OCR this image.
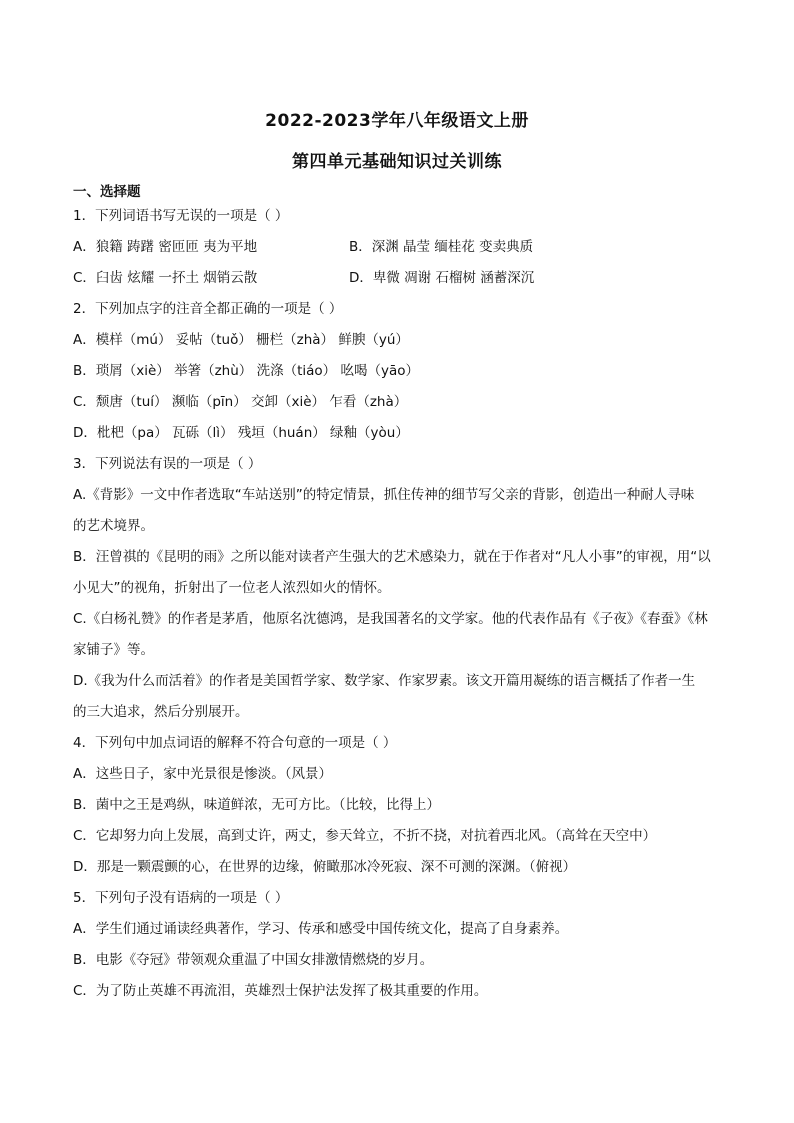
2022-2023学年八年级语文上册
第四单元基础知识过关训练
一、选择题
1．下列词语书写无误的一项是（ ）
A．狼籍 踌躇 密匝匝 夷为平地	B．深渊 晶莹 缅桂花 变卖典质
C．臼齿 炫耀 一抔土 烟销云散	D．卑微 凋谢 石榴树 涵蓄深沉
2．下列加点字的注音全都正确的一项是（ ）
A．模样（mú） 妥帖（tuǒ） 栅栏（zhà） 鲜腴（yú）
B．琐屑（xiè） 举箸（zhù） 洗涤（tiáo） 吆喝（yāo）
C．颓唐（tuí） 濒临（pīn） 交卸（xiè） 乍看（zhà）
D．枇杷（pa） 瓦砾（lì） 残垣（huán） 绿釉（yòu）
3．下列说法有误的一项是（ ）
A.《背影》一文中作者选取“车站送别”的特定情景，抓住传神的细节写父亲的背影，创造出一种耐人寻味
的艺术境界。
B．汪曾祺的《昆明的雨》之所以能对读者产生强大的艺术感染力，就在于作者对“凡人小事”的审视，用“以
小见大”的视角，折射出了一位老人浓烈如火的情怀。
C.《白杨礼赞》的作者是茅盾，他原名沈德鸿，是我国著名的文学家。他的代表作品有《子夜》《春蚕》《林
家铺子》等。
D.《我为什么而活着》的作者是美国哲学家、数学家、作家罗素。该文开篇用凝练的语言概括了作者一生
的三大追求，然后分别展开。
4．下列句中加点词语的解释不符合句意的一项是（ ）
A．这些日子，家中光景很是惨淡。（风景）
B．菌中之王是鸡纵，味道鲜浓，无可方比。（比较，比得上）
C．它却努力向上发展，高到丈许，两丈，参天耸立，不折不挠，对抗着西北风。（高耸在天空中）
D．那是一颗震颤的心，在世界的边缘，俯瞰那冰冷死寂、深不可测的深渊。（俯视）
5．下列句子没有语病的一项是（ ）
A．学生们通过诵读经典著作，学习、传承和感受中国传统文化，提高了自身素养。
B．电影《夺冠》带领观众重温了中国女排激情燃烧的岁月。
C．为了防止英雄不再流泪，英雄烈士保护法发挥了极其重要的作用。
